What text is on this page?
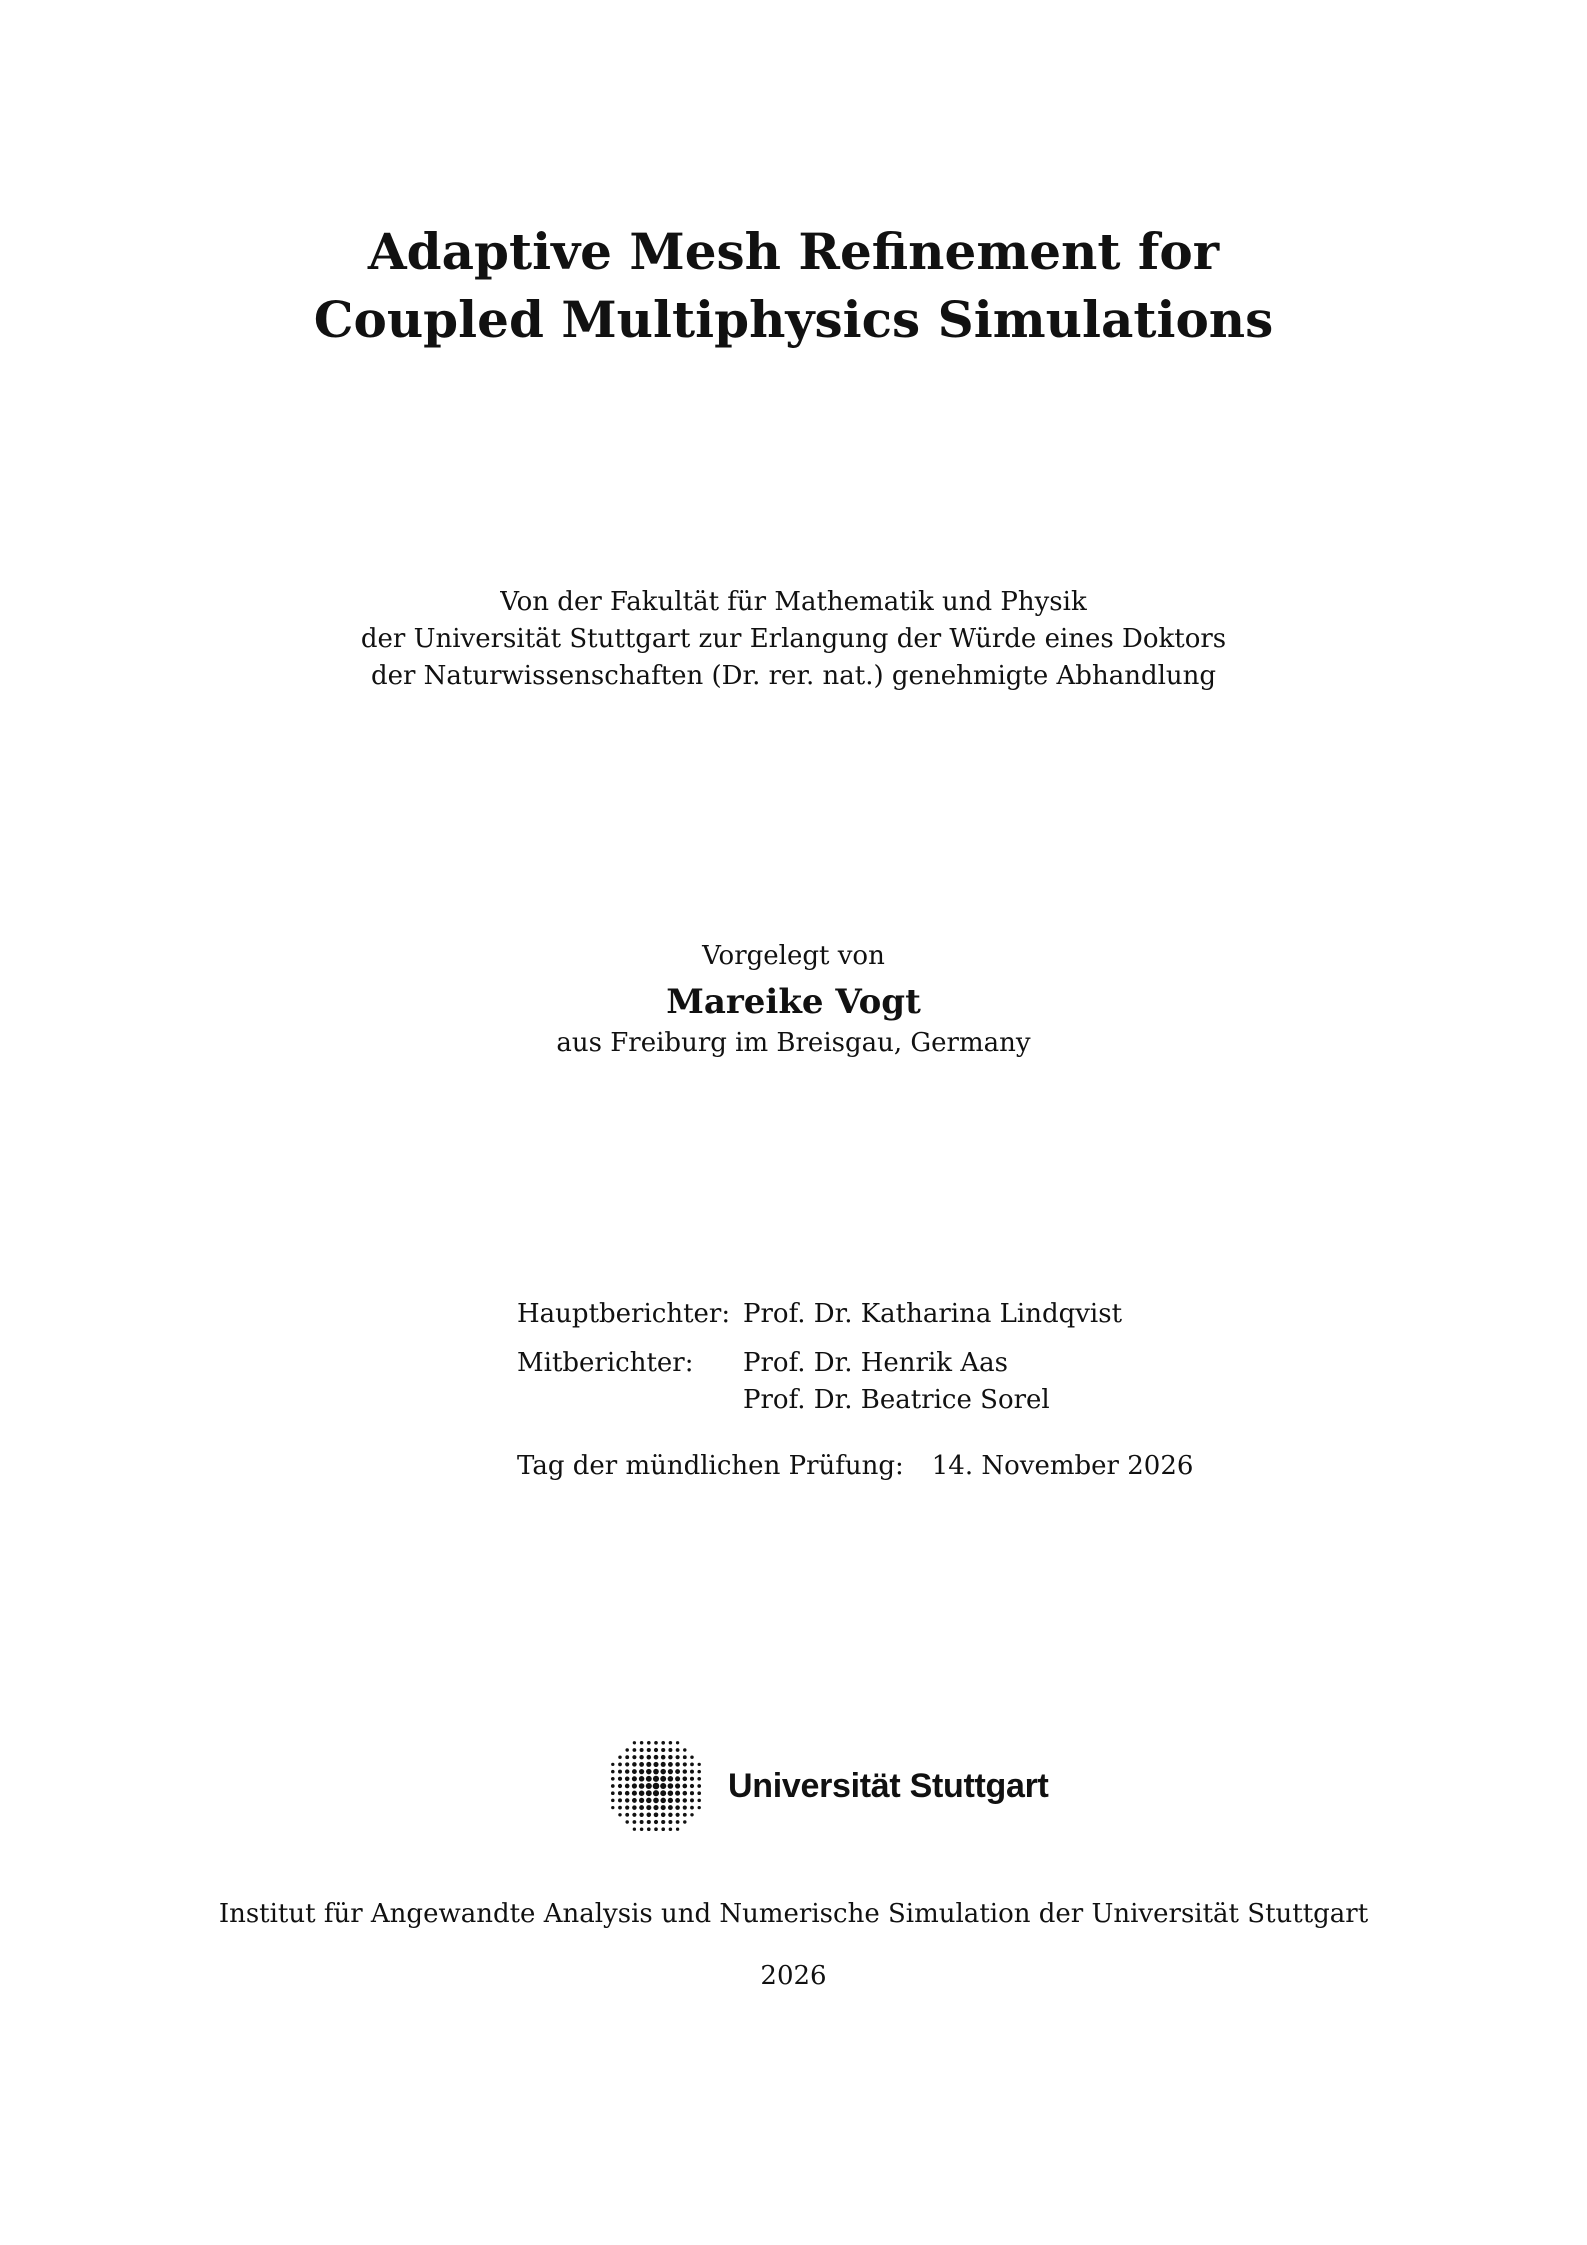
Adaptive Mesh Refinement for
Coupled Multiphysics Simulations
Von der Fakultät für Mathematik und Physik
der Universität Stuttgart zur Erlangung der Würde eines Doktors
der Naturwissenschaften (Dr. rer. nat.) genehmigte Abhandlung
Vorgelegt von
Mareike Vogt
aus Freiburg im Breisgau, Germany
Hauptberichter: Prof. Dr. Katharina Lindqvist
Mitberichter:	Prof. Dr. Henrik Aas
Prof. Dr. Beatrice Sorel
Tag der mündlichen Prüfung: 14. November 2026
Universität Stuttgart
Institut für Angewandte Analysis und Numerische Simulation der Universität Stuttgart
2026
